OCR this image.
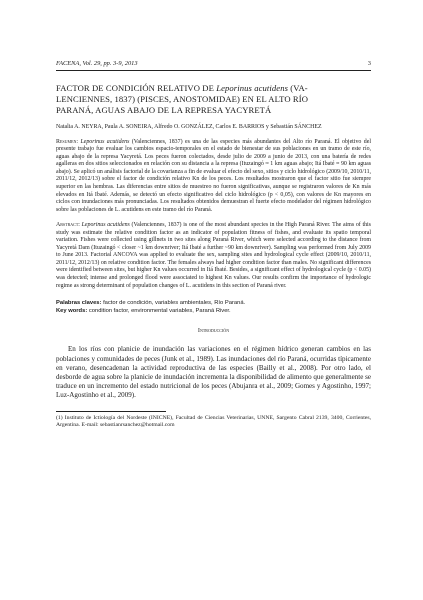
FACENA, Vol. 29, pp. 3-9, 2013	3
FACTOR DE CONDICIÓN RELATIVO DE Leporinus acutidens (VA-
LENCIENNES, 1837) (PISCES, ANOSTOMIDAE) EN EL ALTO RÍO
PARANÁ, AGUAS ABAJO DE LA REPRESA YACYRETÁ
Natalia A. NEYRA, Paula A. SONEIRA, Alfredo O. GONZÁLEZ, Carlos E. BARRIOS y Sebastián SÁNCHEZ
Resumen: Leporinus acutidens (Valenciennes, 1837) es una de las especies más abundantes del Alto río Paraná. El objetivo del presente trabajo fue evaluar los cambios espacio-temporales en el estado de bienestar de sus poblaciones en un tramo de este río, aguas abajo de la represa Yacyretá. Los peces fueron colectados, desde julio de 2009 a junio de 2013, con una batería de redes agalleras en dos sitios seleccionados en relación con su distancia a la represa (Ituzaingó ≈ 1 km aguas abajo; Itá Ibaté ≈ 90 km aguas abajo). Se aplicó un análisis factorial de la covarianza a fin de evaluar el efecto del sexo, sitios y ciclo hidrológico (2009/10, 2010/11, 2011/12, 2012/13) sobre el factor de condición relativo Kn de los peces. Los resultados mostraron que el factor sitio fue siempre superior en las hembras. Las diferencias entre sitios de muestreo no fueron significativas, aunque se registraron valores de Kn más elevados en Itá Ibaté. Además, se detectó un efecto significativo del ciclo hidrológico (p < 0,05), con valores de Kn mayores en ciclos con inundaciones más pronunciadas. Los resultados obtenidos demuestran el fuerte efecto modelador del régimen hidrológico sobre las poblaciones de L. acutidens en este tramo del río Paraná.
Abstract: Leporinus acutidens (Valenciennes, 1837) is one of the most abundant species in the High Paraná River. The aims of this study was estimate the relative condition factor as an indicator of population fitness of fishes, and evaluate its spatio temporal variation. Fishes were collected using gillnets in two sites along Paraná River, which were selected according to the distance from Yacyretá Dam (Ituzaingó < closer ~1 km downriver; Itá Ibaté a further ~90 km downriver). Sampling was performed from July 2009 to June 2013. Factorial ANCOVA was applied to evaluate the sex, sampling sites and hydrological cycle effect (2009/10, 2010/11, 2011/12, 2012/13) on relative condition factor. The females always had higher condition factor than males. No significant differences were identified between sites, but higher Kn values occurred in Itá Ibaté. Besides, a significant effect of hydrological cycle (p < 0.05) was detected; intense and prolonged flood were associated to highest Kn values. Our results confirm the importance of hydrologic regime as strong determinant of population changes of L. acutidens in this section of Paraná river.
Palabras claves: factor de condición, variables ambientales, Río Paraná.
Key words: condition factor, environmental variables, Paraná River.
Introducción

En los ríos con planicie de inundación las variaciones en el régimen hídrico generan cambios en las poblaciones y comunidades de peces (Junk et al., 1989). Las inundaciones del río Paraná, ocurridas típicamente en verano, desencadenan la actividad reproductiva de las especies (Bailly et al., 2008). Por otro lado, el desborde de agua sobre la planicie de inundación incrementa la disponibilidad de alimento que generalmente se traduce en un incremento del estado nutricional de los peces (Abujanra et al., 2009; Gomes y Agostinho, 1997; Luz-Agostinho et al., 2009).

(1) Instituto de Ictiología del Nordeste (INICNE), Facultad de Ciencias Veterinarias, UNNE, Sargento Cabral 2139, 3400, Corrientes, Argentina. E-mail: sebastianrsanchez@hotmail.com
